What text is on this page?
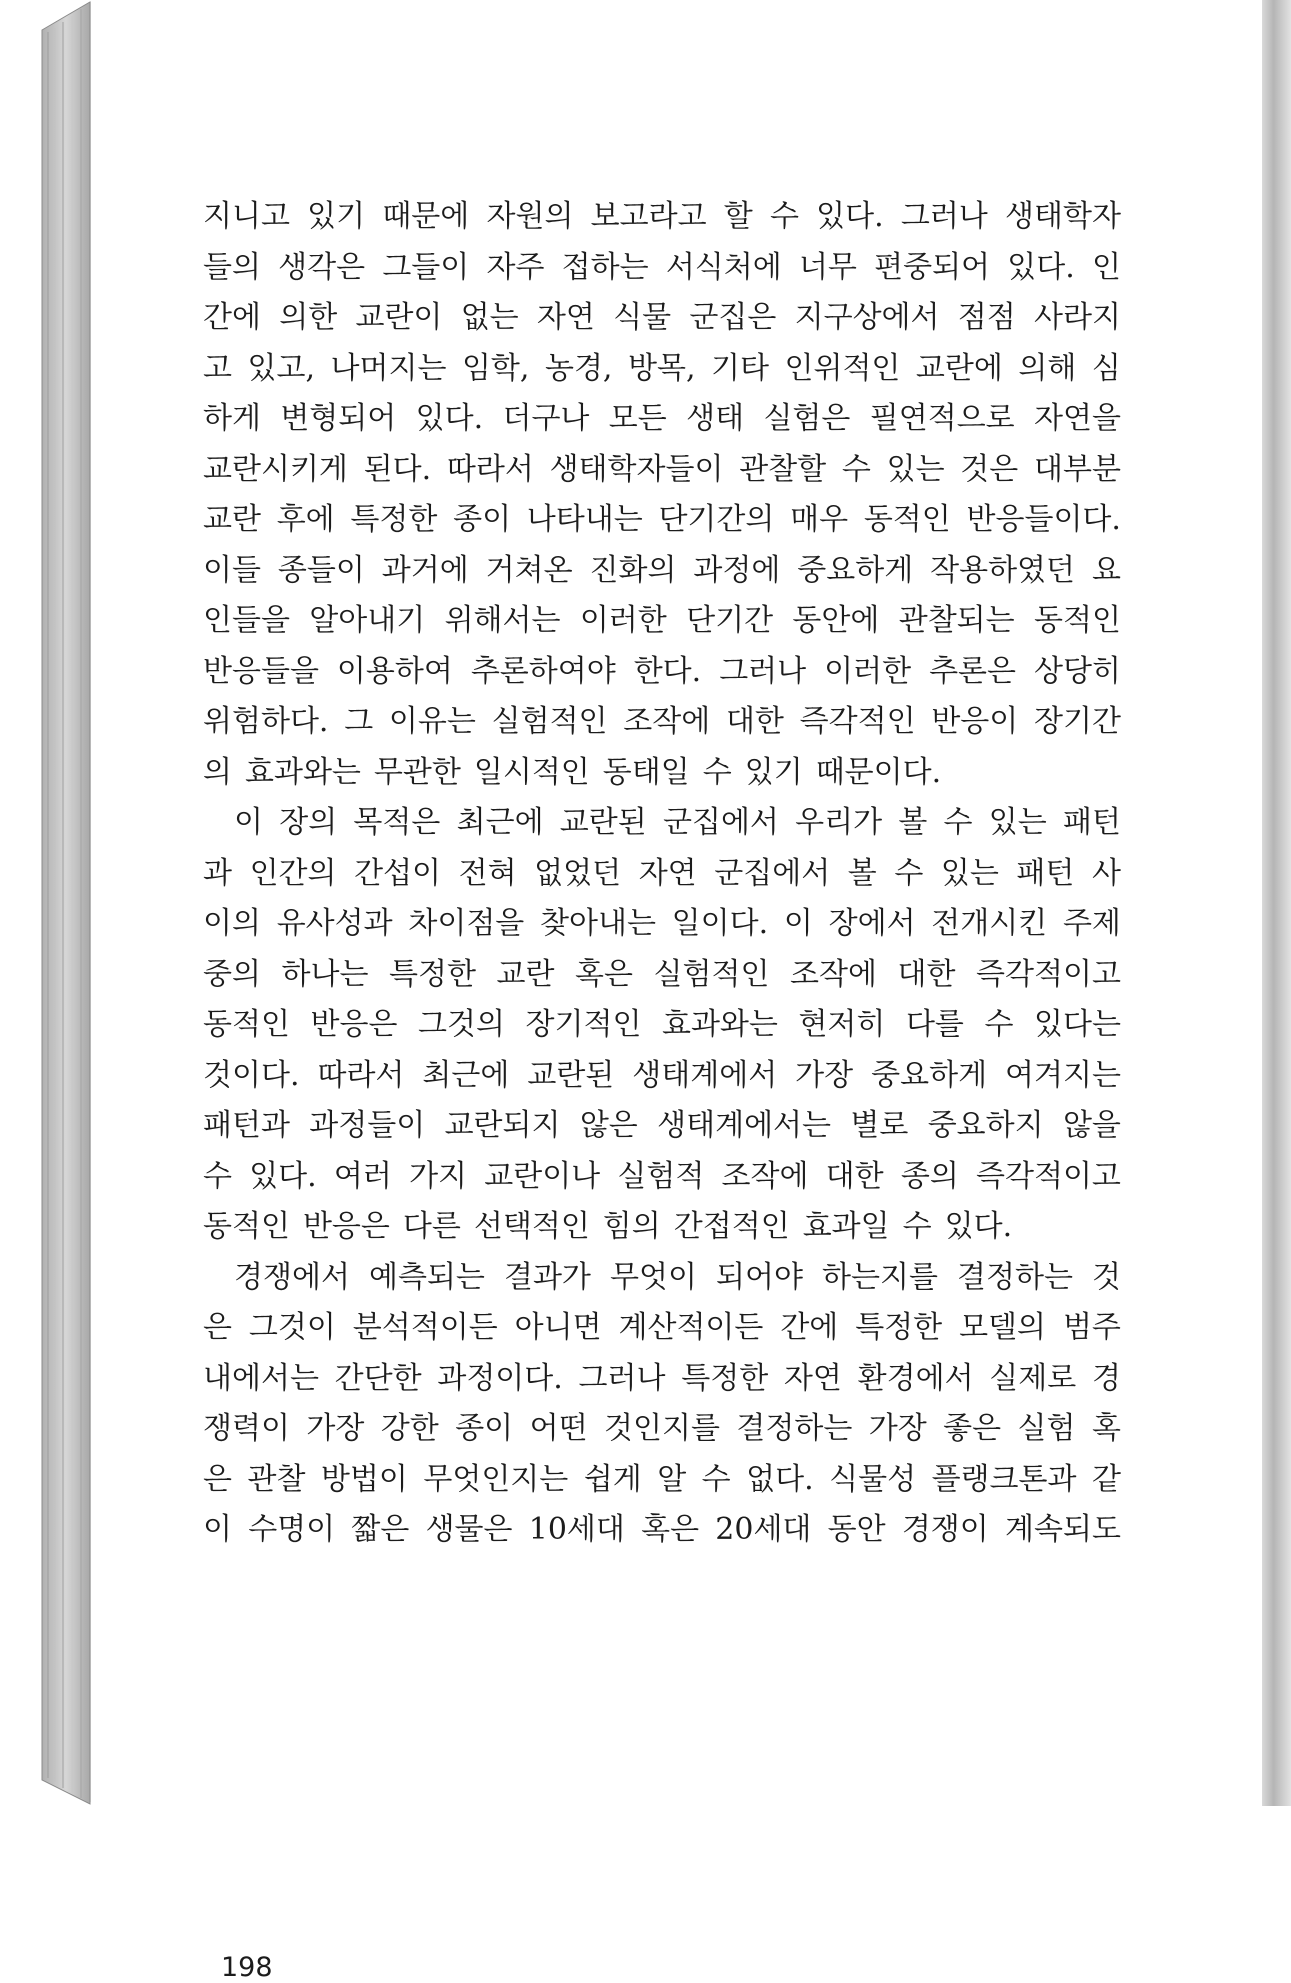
지니고 있기 때문에 자원의 보고라고 할 수 있다. 그러나 생태학자
들의 생각은 그들이 자주 접하는 서식처에 너무 편중되어 있다. 인
간에 의한 교란이 없는 자연 식물 군집은 지구상에서 점점 사라지
고 있고, 나머지는 임학, 농경, 방목, 기타 인위적인 교란에 의해 심
하게 변형되어 있다. 더구나 모든 생태 실험은 필연적으로 자연을
교란시키게 된다. 따라서 생태학자들이 관찰할 수 있는 것은 대부분
교란 후에 특정한 종이 나타내는 단기간의 매우 동적인 반응들이다.
이들 종들이 과거에 거쳐온 진화의 과정에 중요하게 작용하였던 요
인들을 알아내기 위해서는 이러한 단기간 동안에 관찰되는 동적인
반응들을 이용하여 추론하여야 한다. 그러나 이러한 추론은 상당히
위험하다. 그 이유는 실험적인 조작에 대한 즉각적인 반응이 장기간
의 효과와는 무관한 일시적인 동태일 수 있기 때문이다.
이 장의 목적은 최근에 교란된 군집에서 우리가 볼 수 있는 패턴
과 인간의 간섭이 전혀 없었던 자연 군집에서 볼 수 있는 패턴 사
이의 유사성과 차이점을 찾아내는 일이다. 이 장에서 전개시킨 주제
중의 하나는 특정한 교란 혹은 실험적인 조작에 대한 즉각적이고
동적인 반응은 그것의 장기적인 효과와는 현저히 다를 수 있다는
것이다. 따라서 최근에 교란된 생태계에서 가장 중요하게 여겨지는
패턴과 과정들이 교란되지 않은 생태계에서는 별로 중요하지 않을
수 있다. 여러 가지 교란이나 실험적 조작에 대한 종의 즉각적이고
동적인 반응은 다른 선택적인 힘의 간접적인 효과일 수 있다.
경쟁에서 예측되는 결과가 무엇이 되어야 하는지를 결정하는 것
은 그것이 분석적이든 아니면 계산적이든 간에 특정한 모델의 범주
내에서는 간단한 과정이다. 그러나 특정한 자연 환경에서 실제로 경
쟁력이 가장 강한 종이 어떤 것인지를 결정하는 가장 좋은 실험 혹
은 관찰 방법이 무엇인지는 쉽게 알 수 없다. 식물성 플랭크톤과 같
이 수명이 짧은 생물은 10세대 혹은 20세대 동안 경쟁이 계속되도
198
